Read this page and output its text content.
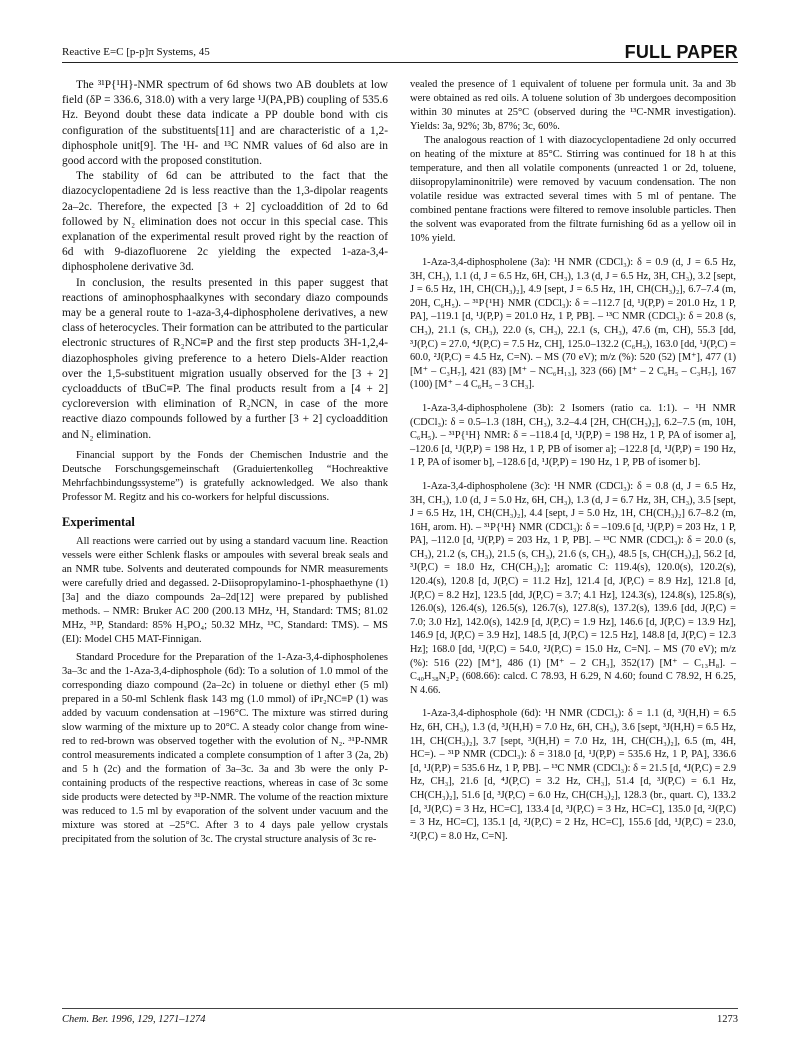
Reactive E=C [p-p]π Systems, 45	FULL PAPER

The ³¹P{¹H}-NMR spectrum of 6d shows two AB doublets at low field (δP = 336.6, 318.0) with a very large ¹J(PA,PB) coupling of 535.6 Hz. Beyond doubt these data indicate a PP double bond with cis configuration of the substituents[11] and are characteristic of a 1,2-diphosphole unit[9]. The ¹H- and ¹³C NMR values of 6d also are in good accord with the proposed constitution.

The stability of 6d can be attributed to the fact that the diazocyclopentadiene 2d is less reactive than the 1,3-dipolar reagents 2a–2c. Therefore, the expected [3 + 2] cycloaddition of 2d to 6d followed by N₂ elimination does not occur in this special case. This explanation of the experimental result proved right by the reaction of 6d with 9-diazofluorene 2c yielding the expected 1-aza-3,4-diphospholene derivative 3d.

In conclusion, the results presented in this paper suggest that reactions of aminophosphaalkynes with secondary diazo compounds may be a general route to 1-aza-3,4-diphospholene derivatives, a new class of heterocycles. Their formation can be attributed to the particular electronic structures of R₂NC≡P and the first step products 3H-1,2,4-diazophospholes giving preference to a hetero Diels-Alder reaction over the 1,5-substituent migration usually observed for the [3 + 2] cycloadducts of tBuC≡P. The final products result from a [4 + 2] cycloreversion with elimination of R₂NCN, in case of the more reactive diazo compounds followed by a further [3 + 2] cycloaddition and N₂ elimination.

Financial support by the Fonds der Chemischen Industrie and the Deutsche Forschungsgemeinschaft (Graduiertenkolleg “Hochreaktive Mehrfachbindungssysteme”) is gratefully acknowledged. We also thank Professor M. Regitz and his co-workers for helpful discussions.

Experimental

All reactions were carried out by using a standard vacuum line. Reaction vessels were either Schlenk flasks or ampoules with several break seals and an NMR tube. Solvents and deuterated compounds for NMR measurements were carefully dried and degassed. 2-Diisopropylamino-1-phosphaethyne (1)[3a] and the diazo compounds 2a–2d[12] were prepared by published methods. – NMR: Bruker AC 200 (200.13 MHz, ¹H, Standard: TMS; 81.02 MHz, ³¹P, Standard: 85% H₃PO₄; 50.32 MHz, ¹³C, Standard: TMS). – MS (EI): Model CH5 MAT-Finnigan.

Standard Procedure for the Preparation of the 1-Aza-3,4-diphospholenes 3a–3c and the 1-Aza-3,4-diphosphole (6d): To a solution of 1.0 mmol of the corresponding diazo compound (2a–2c) in toluene or diethyl ether (5 ml) prepared in a 50-ml Schlenk flask 143 mg (1.0 mmol) of iPr₂NC≡P (1) was added by vacuum condensation at –196°C. The mixture was stirred during slow warming of the mixture up to 20°C. A steady color change from wine-red to red-brown was observed together with the evolution of N₂. ³¹P-NMR control measurements indicated a complete consumption of 1 after 3 (2a, 2b) and 5 h (2c) and the formation of 3a–3c. 3a and 3b were the only P-containing products of the respective reactions, whereas in case of 3c some side products were detected by ³¹P-NMR. The volume of the reaction mixture was reduced to 1.5 ml by evaporation of the solvent under vacuum and the mixture was stored at –25°C. After 3 to 4 days pale yellow crystals precipitated from the solution of 3c. The crystal structure analysis of 3c re-

vealed the presence of 1 equivalent of toluene per formula unit. 3a and 3b were obtained as red oils. A toluene solution of 3b undergoes decomposition within 30 minutes at 25°C (observed during the ¹³C-NMR investigation). Yields: 3a, 92%; 3b, 87%; 3c, 60%.

The analogous reaction of 1 with diazocyclopentadiene 2d only occurred on heating of the mixture at 85°C. Stirring was continued for 18 h at this temperature, and then all volatile components (unreacted 1 or 2d, toluene, diisopropylaminonitrile) were removed by vacuum condensation. The non volatile residue was extracted several times with 5 ml of pentane. The combined pentane fractions were filtered to remove insoluble particles. Then the solvent was evaporated from the filtrate furnishing 6d as a yellow oil in 10% yield.

1-Aza-3,4-diphospholene (3a): ¹H NMR (CDCl₃): δ = 0.9 (d, J = 6.5 Hz, 3H, CH₃), 1.1 (d, J = 6.5 Hz, 6H, CH₃), 1.3 (d, J = 6.5 Hz, 3H, CH₃), 3.2 [sept, J = 6.5 Hz, 1H, CH(CH₃)₂], 4.9 [sept, J = 6.5 Hz, 1H, CH(CH₃)₂], 6.7–7.4 (m, 20H, C₆H₅). – ³¹P{¹H} NMR (CDCl₃): δ = –112.7 [d, ¹J(P,P) = 201.0 Hz, 1 P, PA], –119.1 [d, ¹J(P,P) = 201.0 Hz, 1 P, PB]. – ¹³C NMR (CDCl₃): δ = 20.8 (s, CH₃), 21.1 (s, CH₃), 22.0 (s, CH₃), 22.1 (s, CH₃), 47.6 (m, CH), 55.3 [dd, ³J(P,C) = 27.0, ⁴J(P,C) = 7.5 Hz, CH], 125.0–132.2 (C₆H₅), 163.0 [dd, ¹J(P,C) = 60.0, ²J(P,C) = 4.5 Hz, C=N). – MS (70 eV); m/z (%): 520 (52) [M⁺], 477 (1) [M⁺ – C₃H₇], 421 (83) [M⁺ – NC₆H₁₃], 323 (66) [M⁺ – 2 C₆H₅ – C₃H₇], 167 (100) [M⁺ – 4 C₆H₅ – 3 CH₃].

1-Aza-3,4-diphospholene (3b): 2 Isomers (ratio ca. 1:1). – ¹H NMR (CDCl₃): δ = 0.5–1.3 (18H, CH₃), 3.2–4.4 [2H, CH(CH₃)₂], 6.2–7.5 (m, 10H, C₆H₅). – ³¹P{¹H} NMR: δ = –118.4 [d, ¹J(P,P) = 198 Hz, 1 P, PA of isomer a], –120.6 [d, ¹J(P,P) = 198 Hz, 1 P, PB of isomer a]; –122.8 [d, ¹J(P,P) = 190 Hz, 1 P, PA of isomer b], –128.6 [d, ¹J(P,P) = 190 Hz, 1 P, PB of isomer b].

1-Aza-3,4-diphospholene (3c): ¹H NMR (CDCl₃): δ = 0.8 (d, J = 6.5 Hz, 3H, CH₃), 1.0 (d, J = 5.0 Hz, 6H, CH₃), 1.3 (d, J = 6.7 Hz, 3H, CH₃), 3.5 [sept, J = 6.5 Hz, 1H, CH(CH₃)₂], 4.4 [sept, J = 5.0 Hz, 1H, CH(CH₃)₂] 6.7–8.2 (m, 16H, arom. H). – ³¹P{¹H} NMR (CDCl₃): δ = –109.6 [d, ¹J(P,P) = 203 Hz, 1 P, PA], –112.0 [d, ¹J(P,P) = 203 Hz, 1 P, PB]. – ¹³C NMR (CDCl₃): δ = 20.0 (s, CH₃), 21.2 (s, CH₃), 21.5 (s, CH₃), 21.6 (s, CH₃), 48.5 [s, CH(CH₃)₂], 56.2 [d, ³J(P,C) = 18.0 Hz, CH(CH₃)₂]; aromatic C: 119.4(s), 120.0(s), 120.2(s), 120.4(s), 120.8 [d, J(P,C) = 11.2 Hz], 121.4 [d, J(P,C) = 8.9 Hz], 121.8 [d, J(P,C) = 8.2 Hz], 123.5 [dd, J(P,C) = 3.7; 4.1 Hz], 124.3(s), 124.8(s), 125.8(s), 126.0(s), 126.4(s), 126.5(s), 126.7(s), 127.8(s), 137.2(s), 139.6 [dd, J(P,C) = 7.0; 3.0 Hz], 142.0(s), 142.9 [d, J(P,C) = 1.9 Hz], 146.6 [d, J(P,C) = 13.9 Hz], 146.9 [d, J(P,C) = 3.9 Hz], 148.5 [d, J(P,C) = 12.5 Hz], 148.8 [d, J(P,C) = 12.3 Hz]; 168.0 [dd, ¹J(P,C) = 54.0, ²J(P,C) = 15.0 Hz, C=N]. – MS (70 eV); m/z (%): 516 (22) [M⁺], 486 (1) [M⁺ – 2 CH₃], 352(17) [M⁺ – C₁₃H₈]. – C₄₀H₃₈N₂P₂ (608.66): calcd. C 78.93, H 6.29, N 4.60; found C 78.92, H 6.25, N 4.66.

1-Aza-3,4-diphosphole (6d): ¹H NMR (CDCl₃): δ = 1.1 (d, ³J(H,H) = 6.5 Hz, 6H, CH₃), 1.3 (d, ³J(H,H) = 7.0 Hz, 6H, CH₃), 3.6 [sept, ³J(H,H) = 6.5 Hz, 1H, CH(CH₃)₂], 3.7 [sept, ³J(H,H) = 7.0 Hz, 1H, CH(CH₃)₂], 6.5 (m, 4H, HC=). – ³¹P NMR (CDCl₃): δ = 318.0 [d, ¹J(P,P) = 535.6 Hz, 1 P, PA], 336.6 [d, ¹J(P,P) = 535.6 Hz, 1 P, PB]. – ¹³C NMR (CDCl₃): δ = 21.5 [d, ⁴J(P,C) = 2.9 Hz, CH₃], 21.6 [d, ⁴J(P,C) = 3.2 Hz, CH₃], 51.4 [d, ³J(P,C) = 6.1 Hz, CH(CH₃)₂], 51.6 [d, ³J(P,C) = 6.0 Hz, CH(CH₃)₂], 128.3 (br., quart. C), 133.2 [d, ³J(P,C) = 3 Hz, HC=C], 133.4 [d, ³J(P,C) = 3 Hz, HC=C], 135.0 [d, ²J(P,C) = 3 Hz, HC=C], 135.1 [d, ²J(P,C) = 2 Hz, HC=C], 155.6 [dd, ¹J(P,C) = 23.0, ²J(P,C) = 8.0 Hz, C=N].

Chem. Ber. 1996, 129, 1271–1274	1273
